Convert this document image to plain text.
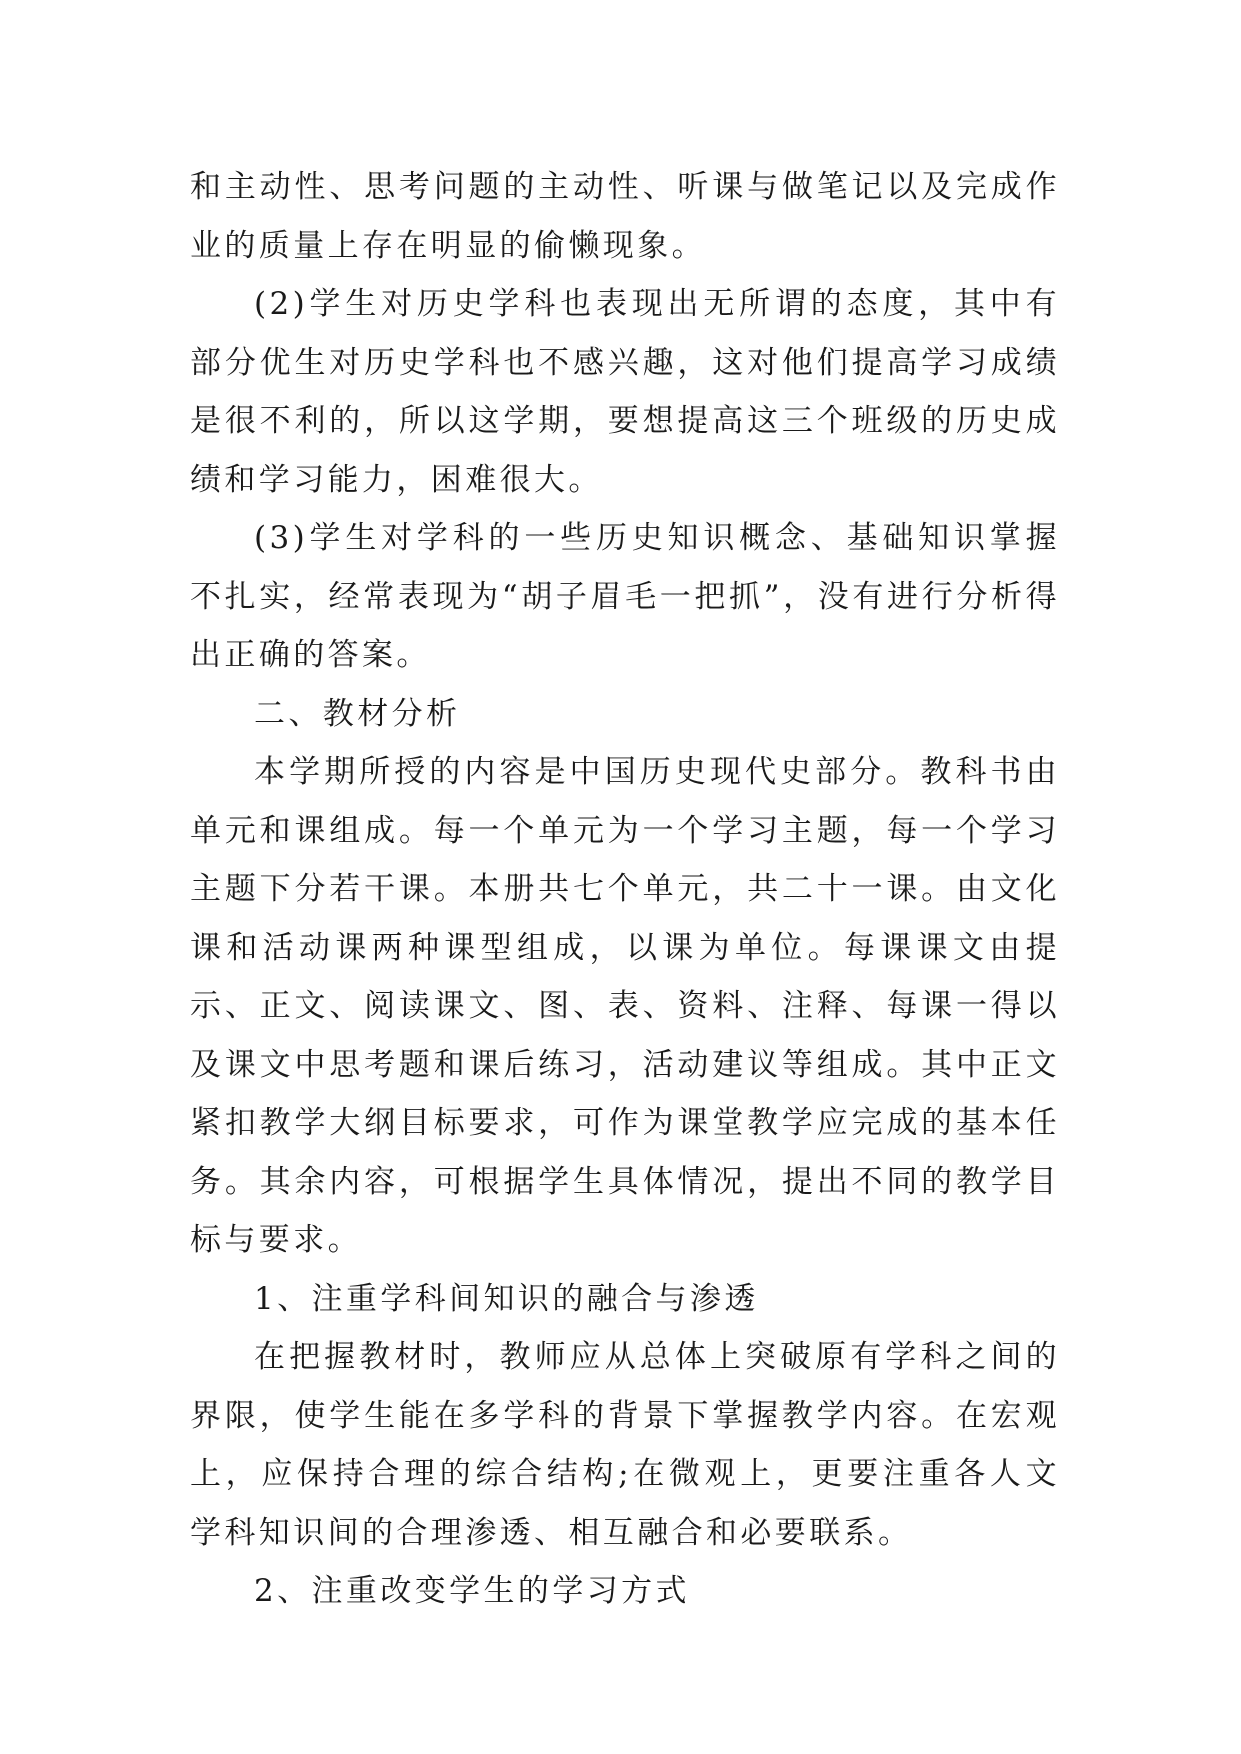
和主动性、思考问题的主动性、听课与做笔记以及完成作业的质量上存在明显的偷懒现象。

(2)学生对历史学科也表现出无所谓的态度，其中有部分优生对历史学科也不感兴趣，这对他们提高学习成绩是很不利的，所以这学期，要想提高这三个班级的历史成绩和学习能力，困难很大。

(3)学生对学科的一些历史知识概念、基础知识掌握不扎实，经常表现为“胡子眉毛一把抓”，没有进行分析得出正确的答案。

二、教材分析

本学期所授的内容是中国历史现代史部分。教科书由单元和课组成。每一个单元为一个学习主题，每一个学习主题下分若干课。本册共七个单元，共二十一课。由文化课和活动课两种课型组成，以课为单位。每课课文由提示、正文、阅读课文、图、表、资料、注释、每课一得以及课文中思考题和课后练习，活动建议等组成。其中正文紧扣教学大纲目标要求，可作为课堂教学应完成的基本任务。其余内容，可根据学生具体情况，提出不同的教学目标与要求。

1、注重学科间知识的融合与渗透

在把握教材时，教师应从总体上突破原有学科之间的界限，使学生能在多学科的背景下掌握教学内容。在宏观上，应保持合理的综合结构;在微观上，更要注重各人文学科知识间的合理渗透、相互融合和必要联系。

2、注重改变学生的学习方式
